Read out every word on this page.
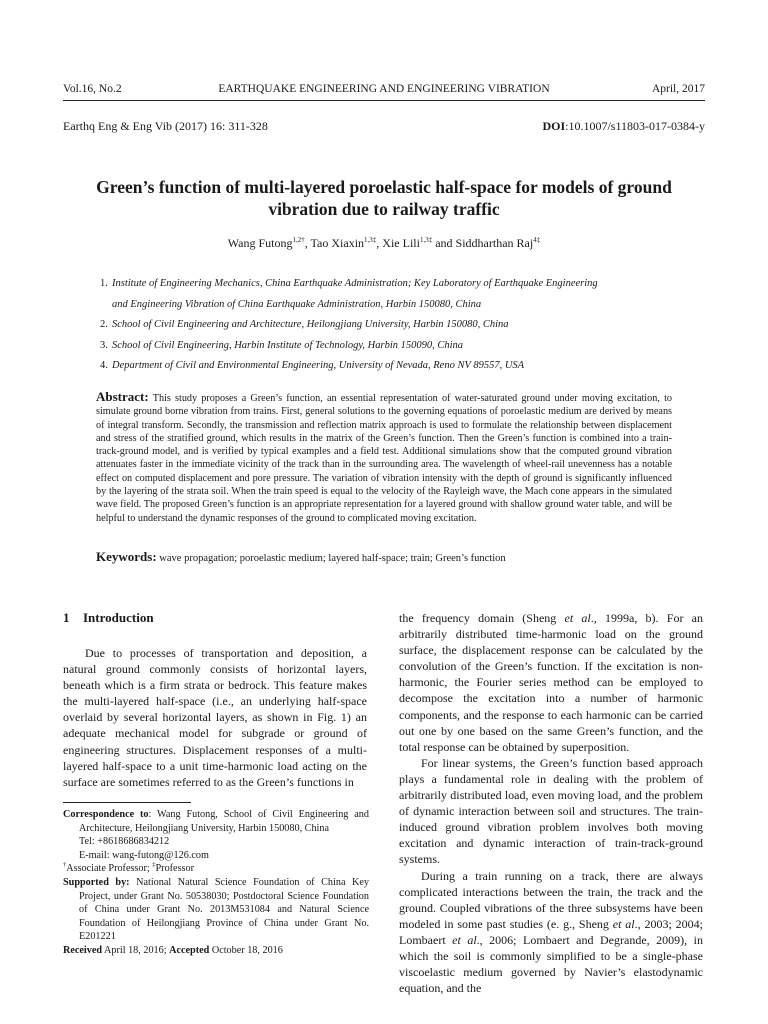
Vol.16, No.2	EARTHQUAKE ENGINEERING AND ENGINEERING VIBRATION	April, 2017
Earthq Eng & Eng Vib (2017) 16: 311-328	DOI:10.1007/s11803-017-0384-y
Green’s function of multi-layered poroelastic half-space for models of ground vibration due to railway traffic
Wang Futong$^{1,2\dagger}$, Tao Xiaxin$^{1,3\ddagger}$, Xie Lili$^{1,3\ddagger}$ and Siddharthan Raj$^{4\ddagger}$
1. Institute of Engineering Mechanics, China Earthquake Administration; Key Laboratory of Earthquake Engineering
and Engineering Vibration of China Earthquake Administration, Harbin 150080, China
2. School of Civil Engineering and Architecture, Heilongjiang University, Harbin 150080, China
3. School of Civil Engineering, Harbin Institute of Technology, Harbin 150090, China
4. Department of Civil and Environmental Engineering, University of Nevada, Reno NV 89557, USA
Abstract: This study proposes a Green’s function, an essential representation of water-saturated ground under moving excitation, to simulate ground borne vibration from trains. First, general solutions to the governing equations of poroelastic medium are derived by means of integral transform. Secondly, the transmission and reflection matrix approach is used to formulate the relationship between displacement and stress of the stratified ground, which results in the matrix of the Green’s function. Then the Green’s function is combined into a train-track-ground model, and is verified by typical examples and a field test. Additional simulations show that the computed ground vibration attenuates faster in the immediate vicinity of the track than in the surrounding area. The wavelength of wheel-rail unevenness has a notable effect on computed displacement and pore pressure. The variation of vibration intensity with the depth of ground is significantly influenced by the layering of the strata soil. When the train speed is equal to the velocity of the Rayleigh wave, the Mach cone appears in the simulated wave field. The proposed Green’s function is an appropriate representation for a layered ground with shallow ground water table, and will be helpful to understand the dynamic responses of the ground to complicated moving excitation.
Keywords: wave propagation; poroelastic medium; layered half-space; train; Green’s function
1 Introduction

Due to processes of transportation and deposition, a natural ground commonly consists of horizontal layers, beneath which is a firm strata or bedrock. This feature makes the multi-layered half-space (i.e., an underlying half-space overlaid by several horizontal layers, as shown in Fig. 1) an adequate mechanical model for subgrade or ground of engineering structures. Displacement responses of a multi-layered half-space to a unit time-harmonic load acting on the surface are sometimes referred to as the Green’s functions in

Correspondence to: Wang Futong, School of Civil Engineering and Architecture, Heilongjiang University, Harbin 150080, China

Tel: +8618686834212

E-mail: wang-futong@126.com

†Associate Professor; ‡Professor

Supported by: National Natural Science Foundation of China Key Project, under Grant No. 50538030; Postdoctoral Science Foundation of China under Grant No. 2013M531084 and Natural Science Foundation of Heilongjiang Province of China under Grant No. E201221

Received April 18, 2016; Accepted October 18, 2016

the frequency domain (Sheng et al., 1999a, b). For an arbitrarily distributed time-harmonic load on the ground surface, the displacement response can be calculated by the convolution of the Green’s function. If the excitation is non-harmonic, the Fourier series method can be employed to decompose the excitation into a number of harmonic components, and the response to each harmonic can be carried out one by one based on the same Green’s function, and the total response can be obtained by superposition.

For linear systems, the Green’s function based approach plays a fundamental role in dealing with the problem of arbitrarily distributed load, even moving load, and the problem of dynamic interaction between soil and structures. The train-induced ground vibration problem involves both moving excitation and dynamic interaction of train-track-ground systems.

During a train running on a track, there are always complicated interactions between the train, the track and the ground. Coupled vibrations of the three subsystems have been modeled in some past studies (e. g., Sheng et al., 2003; 2004; Lombaert et al., 2006; Lombaert and Degrande, 2009), in which the soil is commonly simplified to be a single-phase viscoelastic medium governed by Navier’s elastodynamic equation, and the
